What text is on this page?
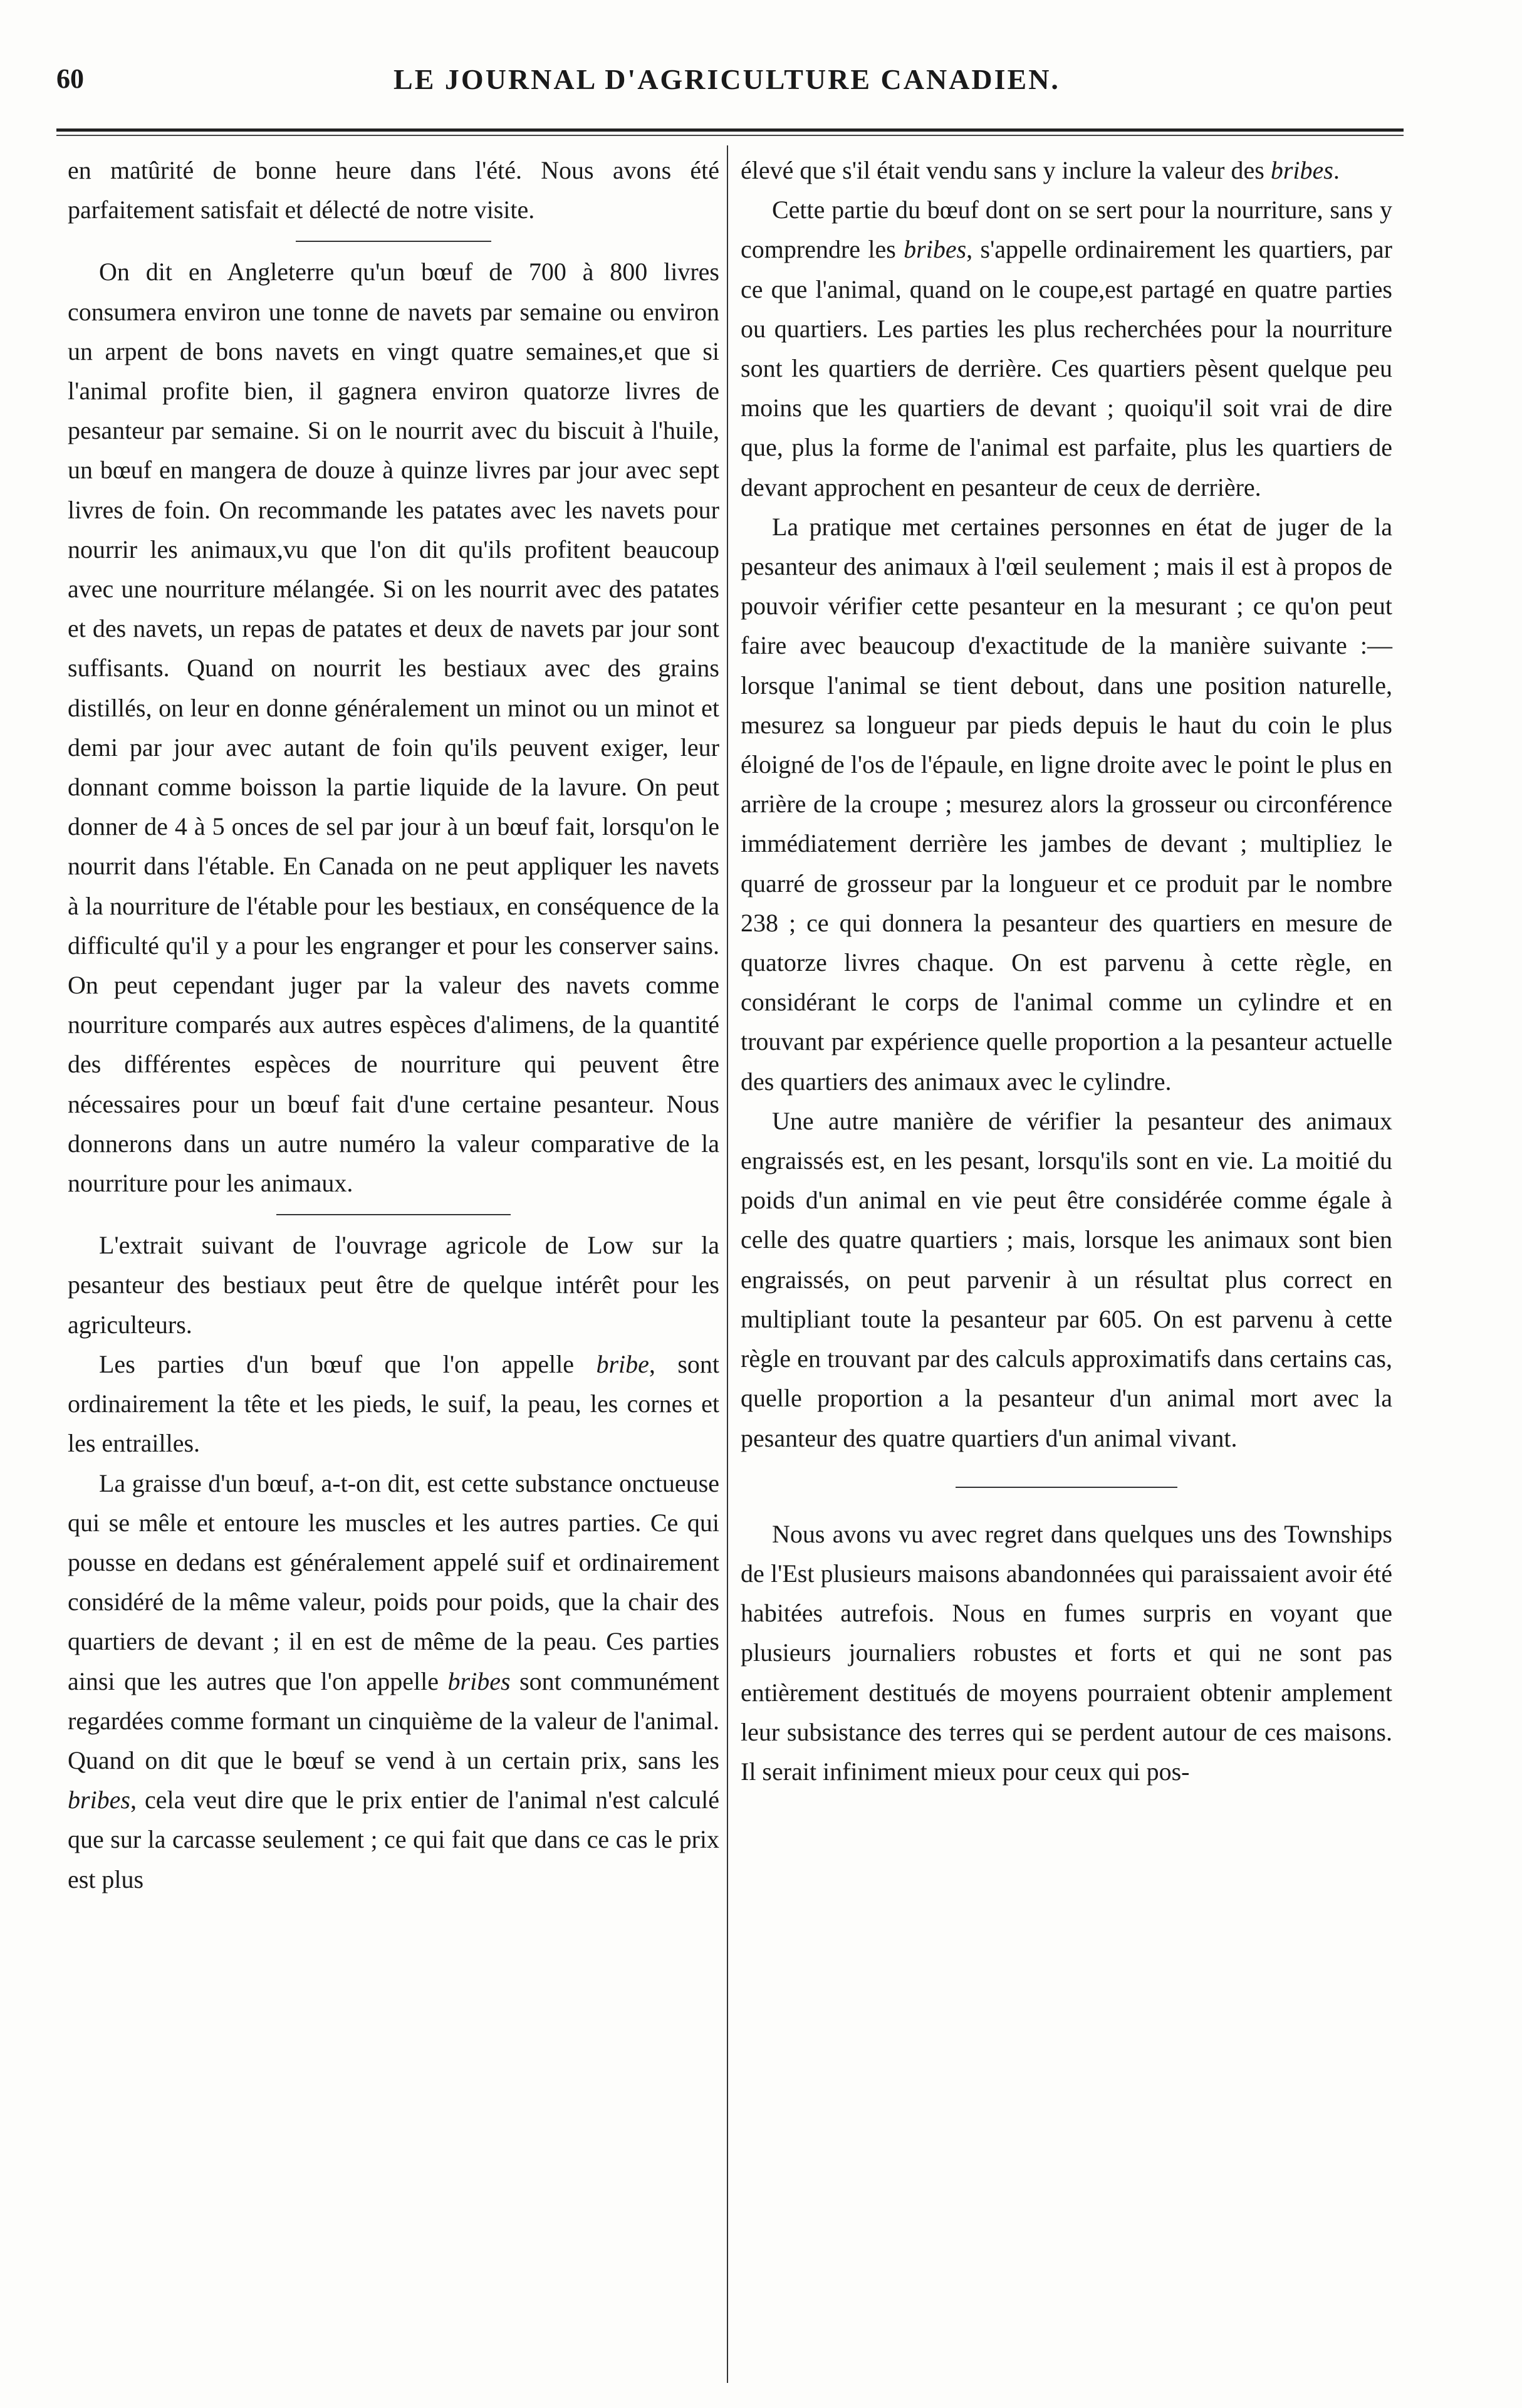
60	LE JOURNAL D'AGRICULTURE CANADIEN.

en matûrité de bonne heure dans l'été. Nous avons été parfaitement satisfait et délecté de notre visite.

On dit en Angleterre qu'un bœuf de 700 à 800 livres consumera environ une tonne de navets par semaine ou environ un arpent de bons navets en vingt quatre semaines,et que si l'animal profite bien, il gagnera environ quatorze livres de pesanteur par semaine. Si on le nourrit avec du biscuit à l'huile, un bœuf en mangera de douze à quinze livres par jour avec sept livres de foin. On recommande les patates avec les navets pour nourrir les animaux,vu que l'on dit qu'ils profitent beaucoup avec une nourriture mélangée. Si on les nourrit avec des patates et des navets, un repas de patates et deux de navets par jour sont suffisants. Quand on nourrit les bestiaux avec des grains distillés, on leur en donne généralement un minot ou un minot et demi par jour avec autant de foin qu'ils peuvent exiger, leur donnant comme boisson la partie liquide de la lavure. On peut donner de 4 à 5 onces de sel par jour à un bœuf fait, lorsqu'on le nourrit dans l'étable. En Canada on ne peut appliquer les navets à la nourriture de l'étable pour les bestiaux, en conséquence de la difficulté qu'il y a pour les engranger et pour les conserver sains. On peut cependant juger par la valeur des navets comme nourriture comparés aux autres espèces d'alimens, de la quantité des différentes espèces de nourriture qui peuvent être nécessaires pour un bœuf fait d'une certaine pesanteur. Nous donnerons dans un autre numéro la valeur comparative de la nourriture pour les animaux.

L'extrait suivant de l'ouvrage agricole de Low sur la pesanteur des bestiaux peut être de quelque intérêt pour les agriculteurs.

Les parties d'un bœuf que l'on appelle bribe, sont ordinairement la tête et les pieds, le suif, la peau, les cornes et les entrailles.

La graisse d'un bœuf, a-t-on dit, est cette substance onctueuse qui se mêle et entoure les muscles et les autres parties. Ce qui pousse en dedans est généralement appelé suif et ordinairement considéré de la même valeur, poids pour poids, que la chair des quartiers de devant ; il en est de même de la peau. Ces parties ainsi que les autres que l'on appelle bribes sont communément regardées comme formant un cinquième de la valeur de l'animal. Quand on dit que le bœuf se vend à un certain prix, sans les bribes, cela veut dire que le prix entier de l'animal n'est calculé que sur la carcasse seulement ; ce qui fait que dans ce cas le prix est plus

élevé que s'il était vendu sans y inclure la valeur des bribes.

Cette partie du bœuf dont on se sert pour la nourriture, sans y comprendre les bribes, s'appelle ordinairement les quartiers, par ce que l'animal, quand on le coupe,est partagé en quatre parties ou quartiers. Les parties les plus recherchées pour la nourriture sont les quartiers de derrière. Ces quartiers pèsent quelque peu moins que les quartiers de devant ; quoiqu'il soit vrai de dire que, plus la forme de l'animal est parfaite, plus les quartiers de devant approchent en pesanteur de ceux de derrière.

La pratique met certaines personnes en état de juger de la pesanteur des animaux à l'œil seulement ; mais il est à propos de pouvoir vérifier cette pesanteur en la mesurant ; ce qu'on peut faire avec beaucoup d'exactitude de la manière suivante :— lorsque l'animal se tient debout, dans une position naturelle, mesurez sa longueur par pieds depuis le haut du coin le plus éloigné de l'os de l'épaule, en ligne droite avec le point le plus en arrière de la croupe ; mesurez alors la grosseur ou circonférence immédiatement derrière les jambes de devant ; multipliez le quarré de grosseur par la longueur et ce produit par le nombre 238 ; ce qui donnera la pesanteur des quartiers en mesure de quatorze livres chaque. On est parvenu à cette règle, en considérant le corps de l'animal comme un cylindre et en trouvant par expérience quelle proportion a la pesanteur actuelle des quartiers des animaux avec le cylindre.

Une autre manière de vérifier la pesanteur des animaux engraissés est, en les pesant, lorsqu'ils sont en vie. La moitié du poids d'un animal en vie peut être considérée comme égale à celle des quatre quartiers ; mais, lorsque les animaux sont bien engraissés, on peut parvenir à un résultat plus correct en multipliant toute la pesanteur par 605. On est parvenu à cette règle en trouvant par des calculs approximatifs dans certains cas, quelle proportion a la pesanteur d'un animal mort avec la pesanteur des quatre quartiers d'un animal vivant.

Nous avons vu avec regret dans quelques uns des Townships de l'Est plusieurs maisons abandonnées qui paraissaient avoir été habitées autrefois. Nous en fumes surpris en voyant que plusieurs journaliers robustes et forts et qui ne sont pas entièrement destitués de moyens pourraient obtenir amplement leur subsistance des terres qui se perdent autour de ces maisons. Il serait infiniment mieux pour ceux qui pos-
